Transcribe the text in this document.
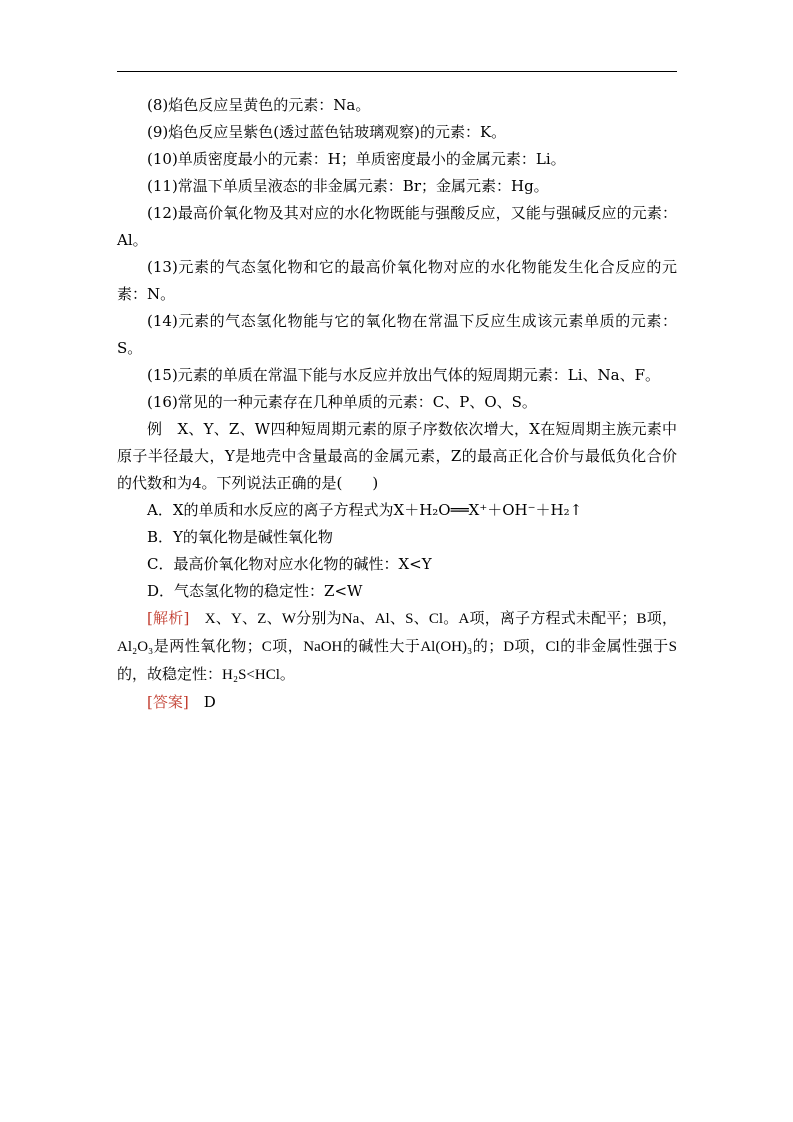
(8)焰色反应呈黄色的元素：Na。

(9)焰色反应呈紫色(透过蓝色钴玻璃观察)的元素：K。

(10)单质密度最小的元素：H；单质密度最小的金属元素：Li。

(11)常温下单质呈液态的非金属元素：Br；金属元素：Hg。

(12)最高价氧化物及其对应的水化物既能与强酸反应，又能与强碱反应的元素：Al。

(13)元素的气态氢化物和它的最高价氧化物对应的水化物能发生化合反应的元素：N。

(14)元素的气态氢化物能与它的氧化物在常温下反应生成该元素单质的元素：S。

(15)元素的单质在常温下能与水反应并放出气体的短周期元素：Li、Na、F。

(16)常见的一种元素存在几种单质的元素：C、P、O、S。

例　X、Y、Z、W四种短周期元素的原子序数依次增大，X在短周期主族元素中原子半径最大，Y是地壳中含量最高的金属元素，Z的最高正化合价与最低负化合价的代数和为4。下列说法正确的是(　　)

A．X的单质和水反应的离子方程式为X＋H₂O══X⁺＋OH⁻＋H₂↑

B．Y的氧化物是碱性氧化物

C．最高价氧化物对应水化物的碱性：X<Y

D．气态氢化物的稳定性：Z<W

[解析]　 X、Y、Z、W分别为Na、Al、S、Cl。A项，离子方程式未配平；B项，Al₂O₃是两性氧化物；C项，NaOH的碱性大于Al(OH)₃的；D项，Cl的非金属性强于S的，故稳定性：H₂S<HCl。

[答案]　 D
